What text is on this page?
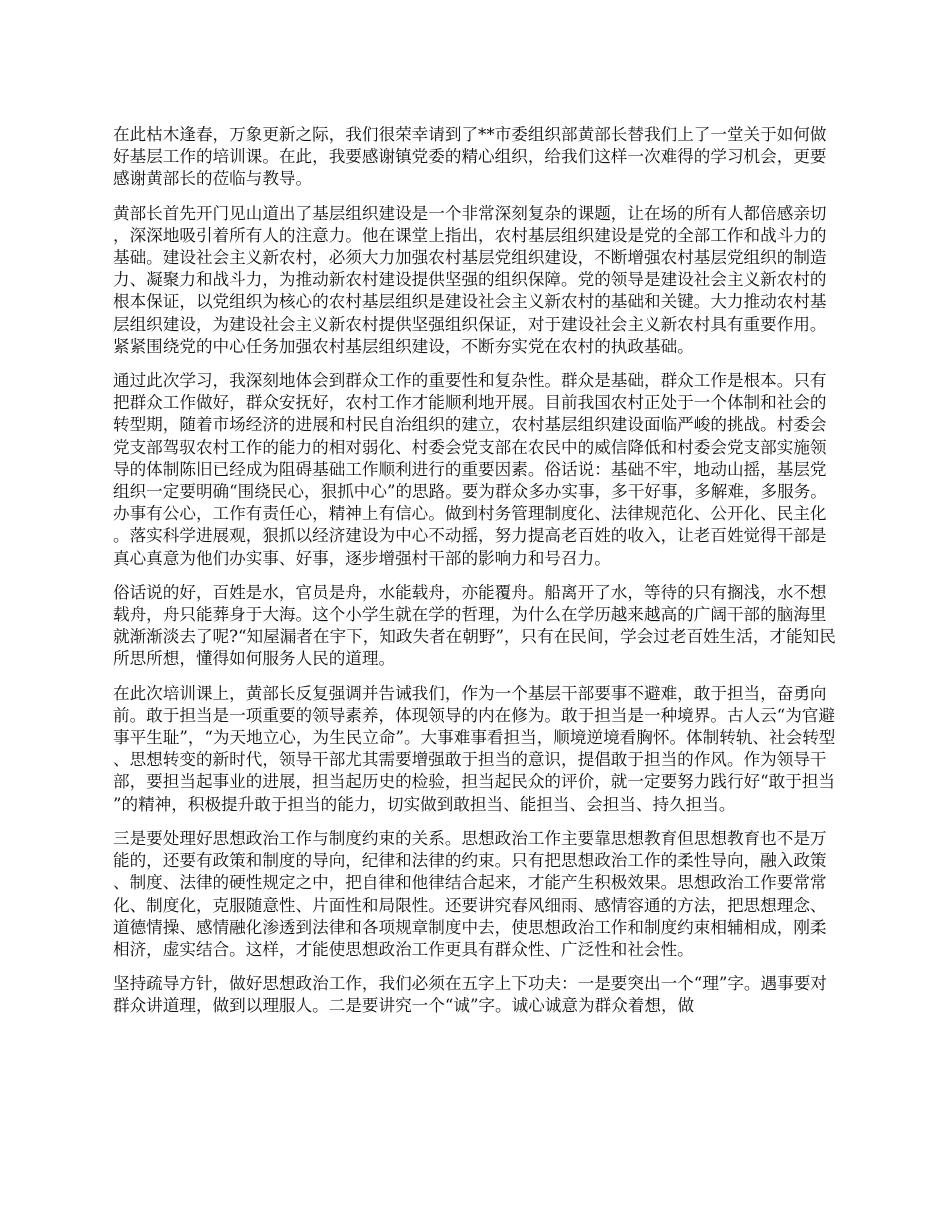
在此枯木逢春，万象更新之际，我们很荣幸请到了**市委组织部黄部长替我们上了一堂关于如何做好基层工作的培训课。在此，我要感谢镇党委的精心组织，给我们这样一次难得的学习机会，更要感谢黄部长的莅临与教导。

黄部长首先开门见山道出了基层组织建设是一个非常深刻复杂的课题，让在场的所有人都倍感亲切，深深地吸引着所有人的注意力。他在课堂上指出，农村基层组织建设是党的全部工作和战斗力的基础。建设社会主义新农村，必须大力加强农村基层党组织建设，不断增强农村基层党组织的制造力、凝聚力和战斗力，为推动新农村建设提供坚强的组织保障。党的领导是建设社会主义新农村的根本保证，以党组织为核心的农村基层组织是建设社会主义新农村的基础和关键。大力推动农村基层组织建设，为建设社会主义新农村提供坚强组织保证，对于建设社会主义新农村具有重要作用。紧紧围绕党的中心任务加强农村基层组织建设，不断夯实党在农村的执政基础。

通过此次学习，我深刻地体会到群众工作的重要性和复杂性。群众是基础，群众工作是根本。只有把群众工作做好，群众安抚好，农村工作才能顺利地开展。目前我国农村正处于一个体制和社会的转型期，随着市场经济的进展和村民自治组织的建立，农村基层组织建设面临严峻的挑战。村委会党支部驾驭农村工作的能力的相对弱化、村委会党支部在农民中的威信降低和村委会党支部实施领导的体制陈旧已经成为阻碍基础工作顺利进行的重要因素。俗话说：基础不牢，地动山摇，基层党组织一定要明确“围绕民心，狠抓中心”的思路。要为群众多办实事，多干好事，多解难，多服务。办事有公心，工作有责任心，精神上有信心。做到村务管理制度化、法律规范化、公开化、民主化。落实科学进展观，狠抓以经济建设为中心不动摇，努力提高老百姓的收入，让老百姓觉得干部是真心真意为他们办实事、好事，逐步增强村干部的影响力和号召力。

俗话说的好，百姓是水，官员是舟，水能载舟，亦能覆舟。船离开了水，等待的只有搁浅，水不想载舟，舟只能葬身于大海。这个小学生就在学的哲理，为什么在学历越来越高的广阔干部的脑海里就渐渐淡去了呢?“知屋漏者在宇下，知政失者在朝野”，只有在民间，学会过老百姓生活，才能知民所思所想，懂得如何服务人民的道理。

在此次培训课上，黄部长反复强调并告诫我们，作为一个基层干部要事不避难，敢于担当，奋勇向前。敢于担当是一项重要的领导素养，体现领导的内在修为。敢于担当是一种境界。古人云“为官避事平生耻”，“为天地立心，为生民立命”。大事难事看担当，顺境逆境看胸怀。体制转轨、社会转型、思想转变的新时代，领导干部尤其需要增强敢于担当的意识，提倡敢于担当的作风。作为领导干部，要担当起事业的进展，担当起历史的检验，担当起民众的评价，就一定要努力践行好“敢于担当”的精神，积极提升敢于担当的能力，切实做到敢担当、能担当、会担当、持久担当。

三是要处理好思想政治工作与制度约束的关系。思想政治工作主要靠思想教育但思想教育也不是万能的，还要有政策和制度的导向，纪律和法律的约束。只有把思想政治工作的柔性导向，融入政策、制度、法律的硬性规定之中，把自律和他律结合起来，才能产生积极效果。思想政治工作要常常化、制度化，克服随意性、片面性和局限性。还要讲究春风细雨、感情容通的方法，把思想理念、道德情操、感情融化渗透到法律和各项规章制度中去，使思想政治工作和制度约束相辅相成，刚柔相济，虚实结合。这样，才能使思想政治工作更具有群众性、广泛性和社会性。

坚持疏导方针，做好思想政治工作，我们必须在五字上下功夫：一是要突出一个“理”字。遇事要对群众讲道理，做到以理服人。二是要讲究一个“诚”字。诚心诚意为群众着想，做
